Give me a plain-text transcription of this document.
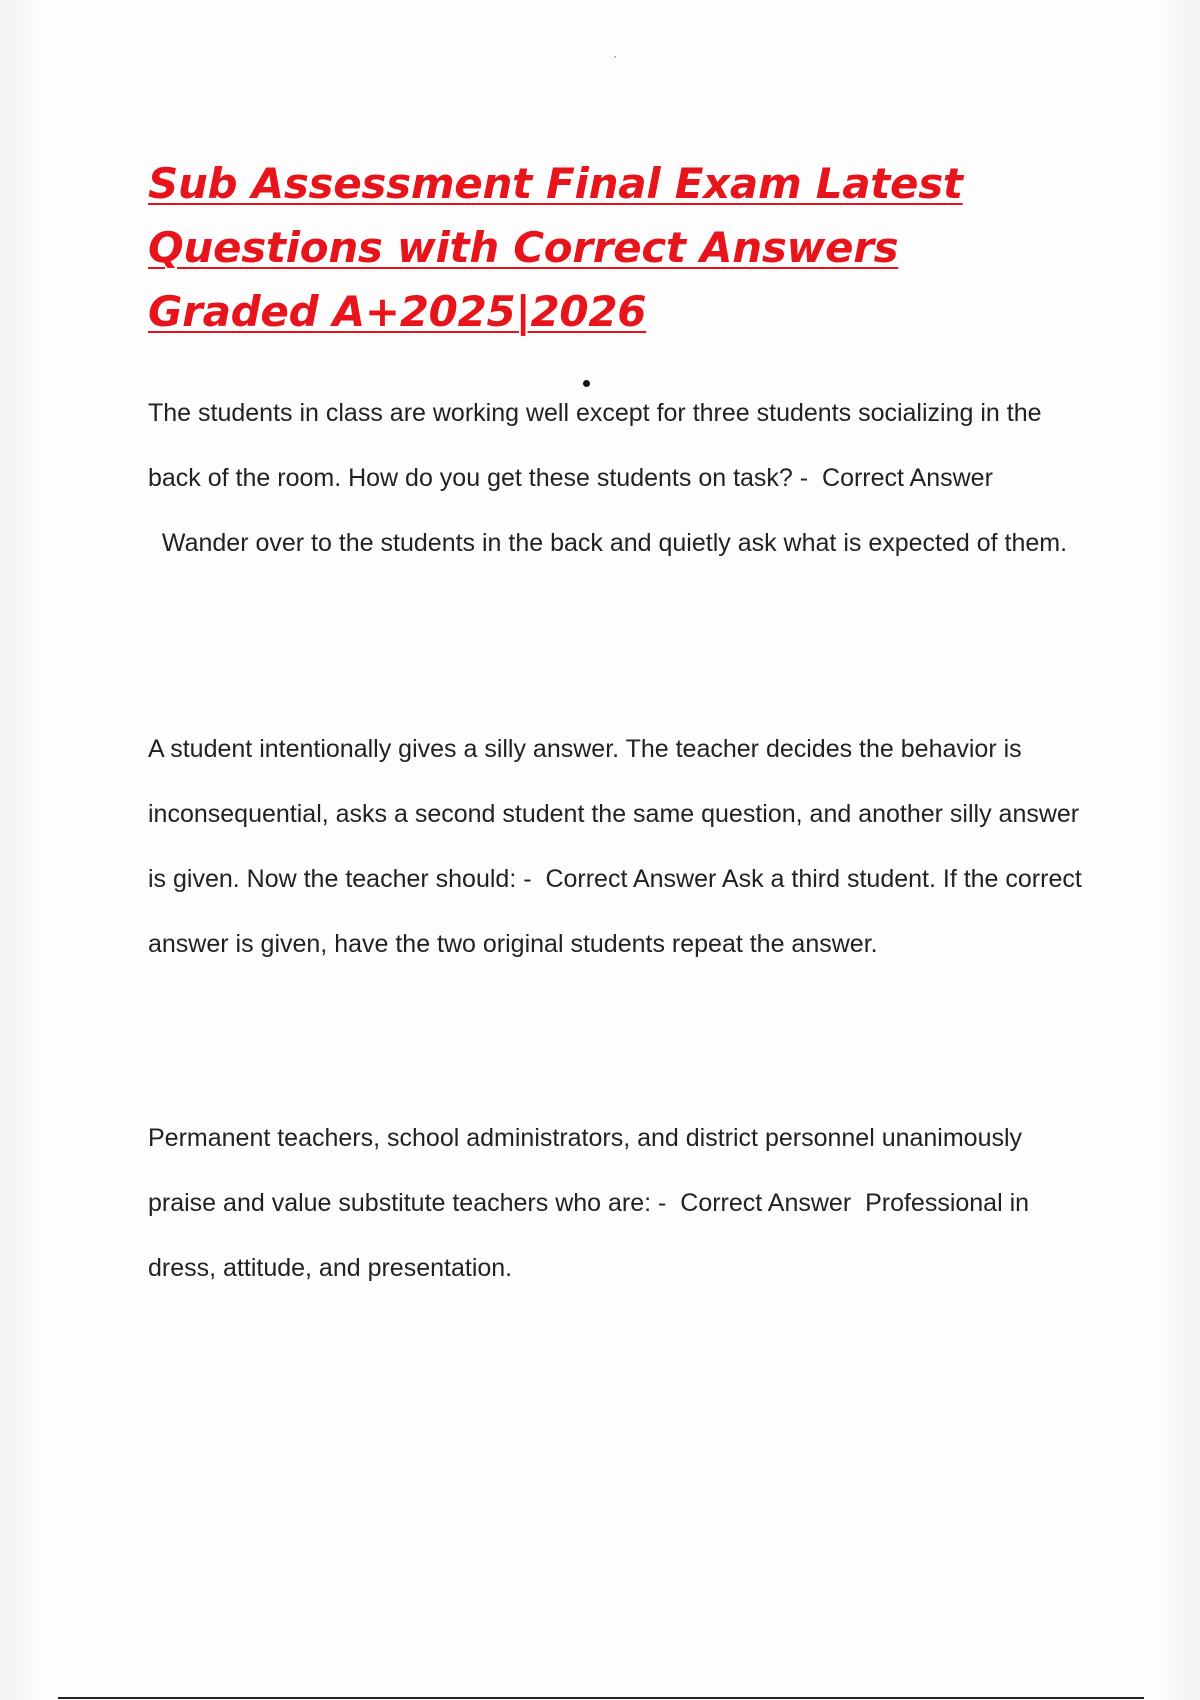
Sub Assessment Final Exam Latest Questions with Correct Answers Graded A+2025|2026

The students in class are working well except for three students socializing in the back of the room. How do you get these students on task? - Correct Answer  Wander over to the students in the back and quietly ask what is expected of them.

A student intentionally gives a silly answer. The teacher decides the behavior is inconsequential, asks a second student the same question, and another silly answer is given. Now the teacher should: - Correct Answer Ask a third student. If the correct answer is given, have the two original students repeat the answer.

Permanent teachers, school administrators, and district personnel unanimously praise and value substitute teachers who are: - Correct Answer Professional in dress, attitude, and presentation.
